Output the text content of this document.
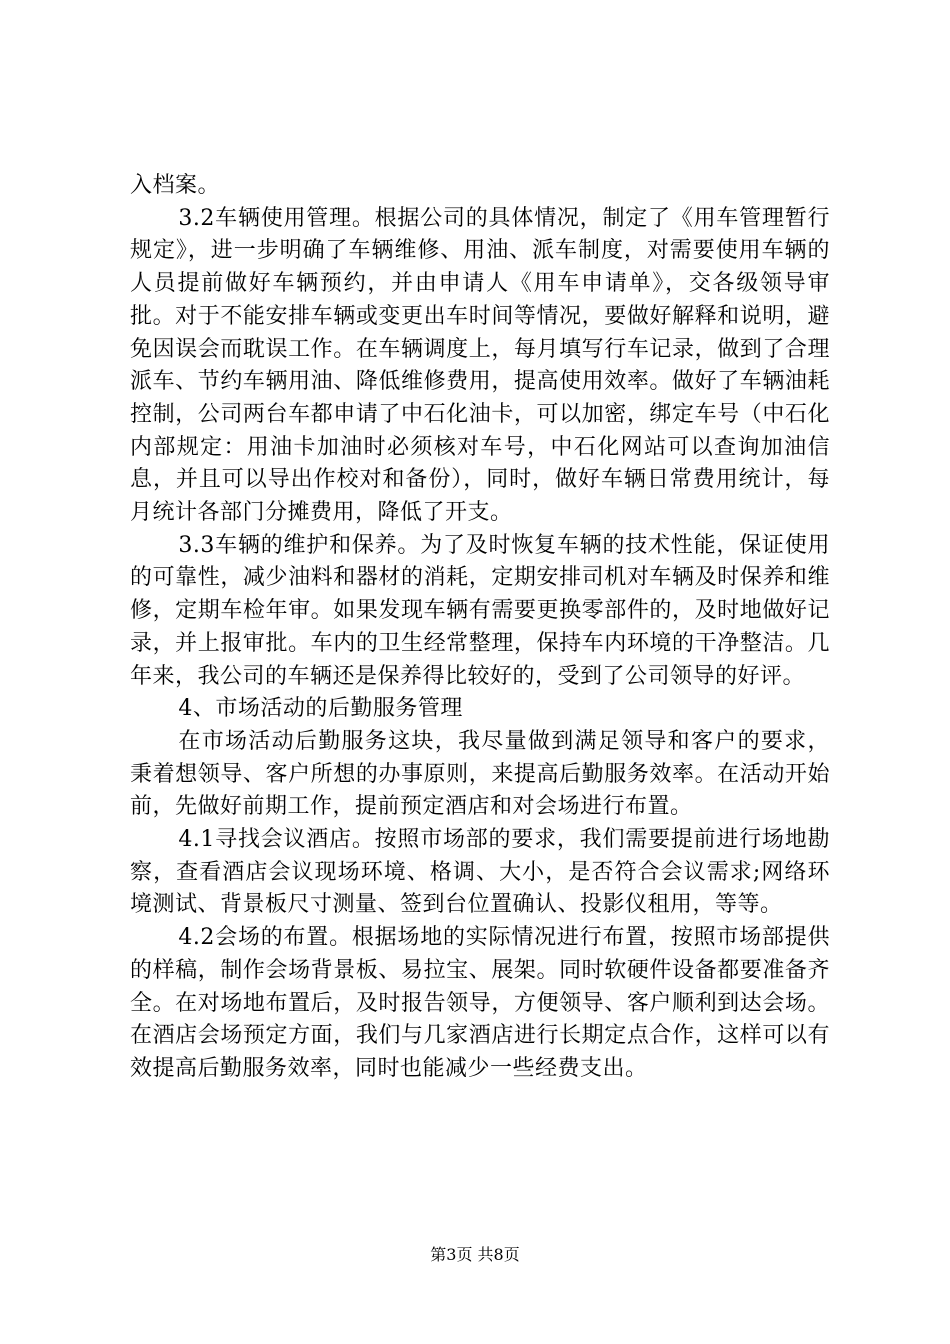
入档案。

3.2车辆使用管理。根据公司的具体情况，制定了《用车管理暂行规定》，进一步明确了车辆维修、用油、派车制度，对需要使用车辆的人员提前做好车辆预约，并由申请人《用车申请单》，交各级领导审批。对于不能安排车辆或变更出车时间等情况，要做好解释和说明，避免因误会而耽误工作。在车辆调度上，每月填写行车记录，做到了合理派车、节约车辆用油、降低维修费用，提高使用效率。做好了车辆油耗控制，公司两台车都申请了中石化油卡，可以加密，绑定车号（中石化内部规定：用油卡加油时必须核对车号，中石化网站可以查询加油信息，并且可以导出作校对和备份），同时，做好车辆日常费用统计，每月统计各部门分摊费用，降低了开支。

3.3车辆的维护和保养。为了及时恢复车辆的技术性能，保证使用的可靠性，减少油料和器材的消耗，定期安排司机对车辆及时保养和维修，定期车检年审。如果发现车辆有需要更换零部件的，及时地做好记录，并上报审批。车内的卫生经常整理，保持车内环境的干净整洁。几年来，我公司的车辆还是保养得比较好的，受到了公司领导的好评。

4、市场活动的后勤服务管理

在市场活动后勤服务这块，我尽量做到满足领导和客户的要求，秉着想领导、客户所想的办事原则，来提高后勤服务效率。在活动开始前，先做好前期工作，提前预定酒店和对会场进行布置。

4.1寻找会议酒店。按照市场部的要求，我们需要提前进行场地勘察，查看酒店会议现场环境、格调、大小，是否符合会议需求;网络环境测试、背景板尺寸测量、签到台位置确认、投影仪租用，等等。

4.2会场的布置。根据场地的实际情况进行布置，按照市场部提供的样稿，制作会场背景板、易拉宝、展架。同时软硬件设备都要准备齐全。在对场地布置后，及时报告领导，方便领导、客户顺利到达会场。在酒店会场预定方面，我们与几家酒店进行长期定点合作，这样可以有效提高后勤服务效率，同时也能减少一些经费支出。

第3页 共8页
